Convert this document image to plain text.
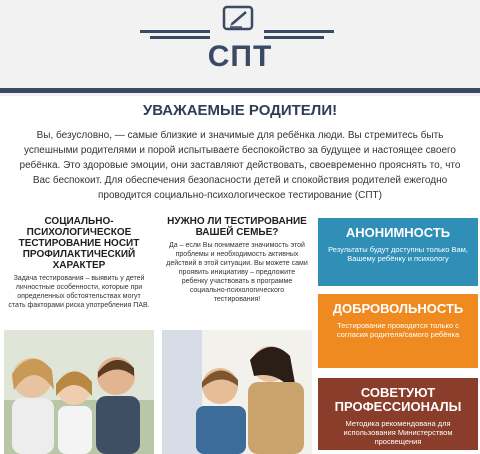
СПТ
УВАЖАЕМЫЕ РОДИТЕЛИ!
Вы, безусловно, — самые близкие и значимые для ребёнка люди. Вы стремитесь быть успешными родителями и порой испытываете беспокойство за будущее и настоящее своего ребёнка. Это здоровые эмоции, они заставляют действовать, своевременно прояснять то, что Вас беспокоит. Для обеспечения безопасности детей и спокойствия родителей ежегодно проводится социально-психологическое тестирование (СПТ)
СОЦИАЛЬНО-ПСИХОЛОГИЧЕСКОЕ ТЕСТИРОВАНИЕ НОСИТ ПРОФИЛАКТИЧЕСКИЙ ХАРАКТЕР
Задача тестирования – выявить у детей личностные особенности, которые при определенных обстоятельствах могут стать факторами риска употребления ПАВ.
НУЖНО ЛИ ТЕСТИРОВАНИЕ ВАШЕЙ СЕМЬЕ?
Да – если Вы понимаете значимость этой проблемы и необходимость активных действий в этой ситуации. Вы можете сами проявить инициативу – предложите ребенку участвовать в программе социально-психологического тестирования!
АНОНИМНОСТЬ
Результаты будут доступны только Вам, Вашему ребёнку и психологу
ДОБРОВОЛЬНОСТЬ
Тестирование проводится только с согласия родителя/самого ребёнка
СОВЕТУЮТ ПРОФЕССИОНАЛЫ
Методика рекомендована для использования Министерством просвещения
